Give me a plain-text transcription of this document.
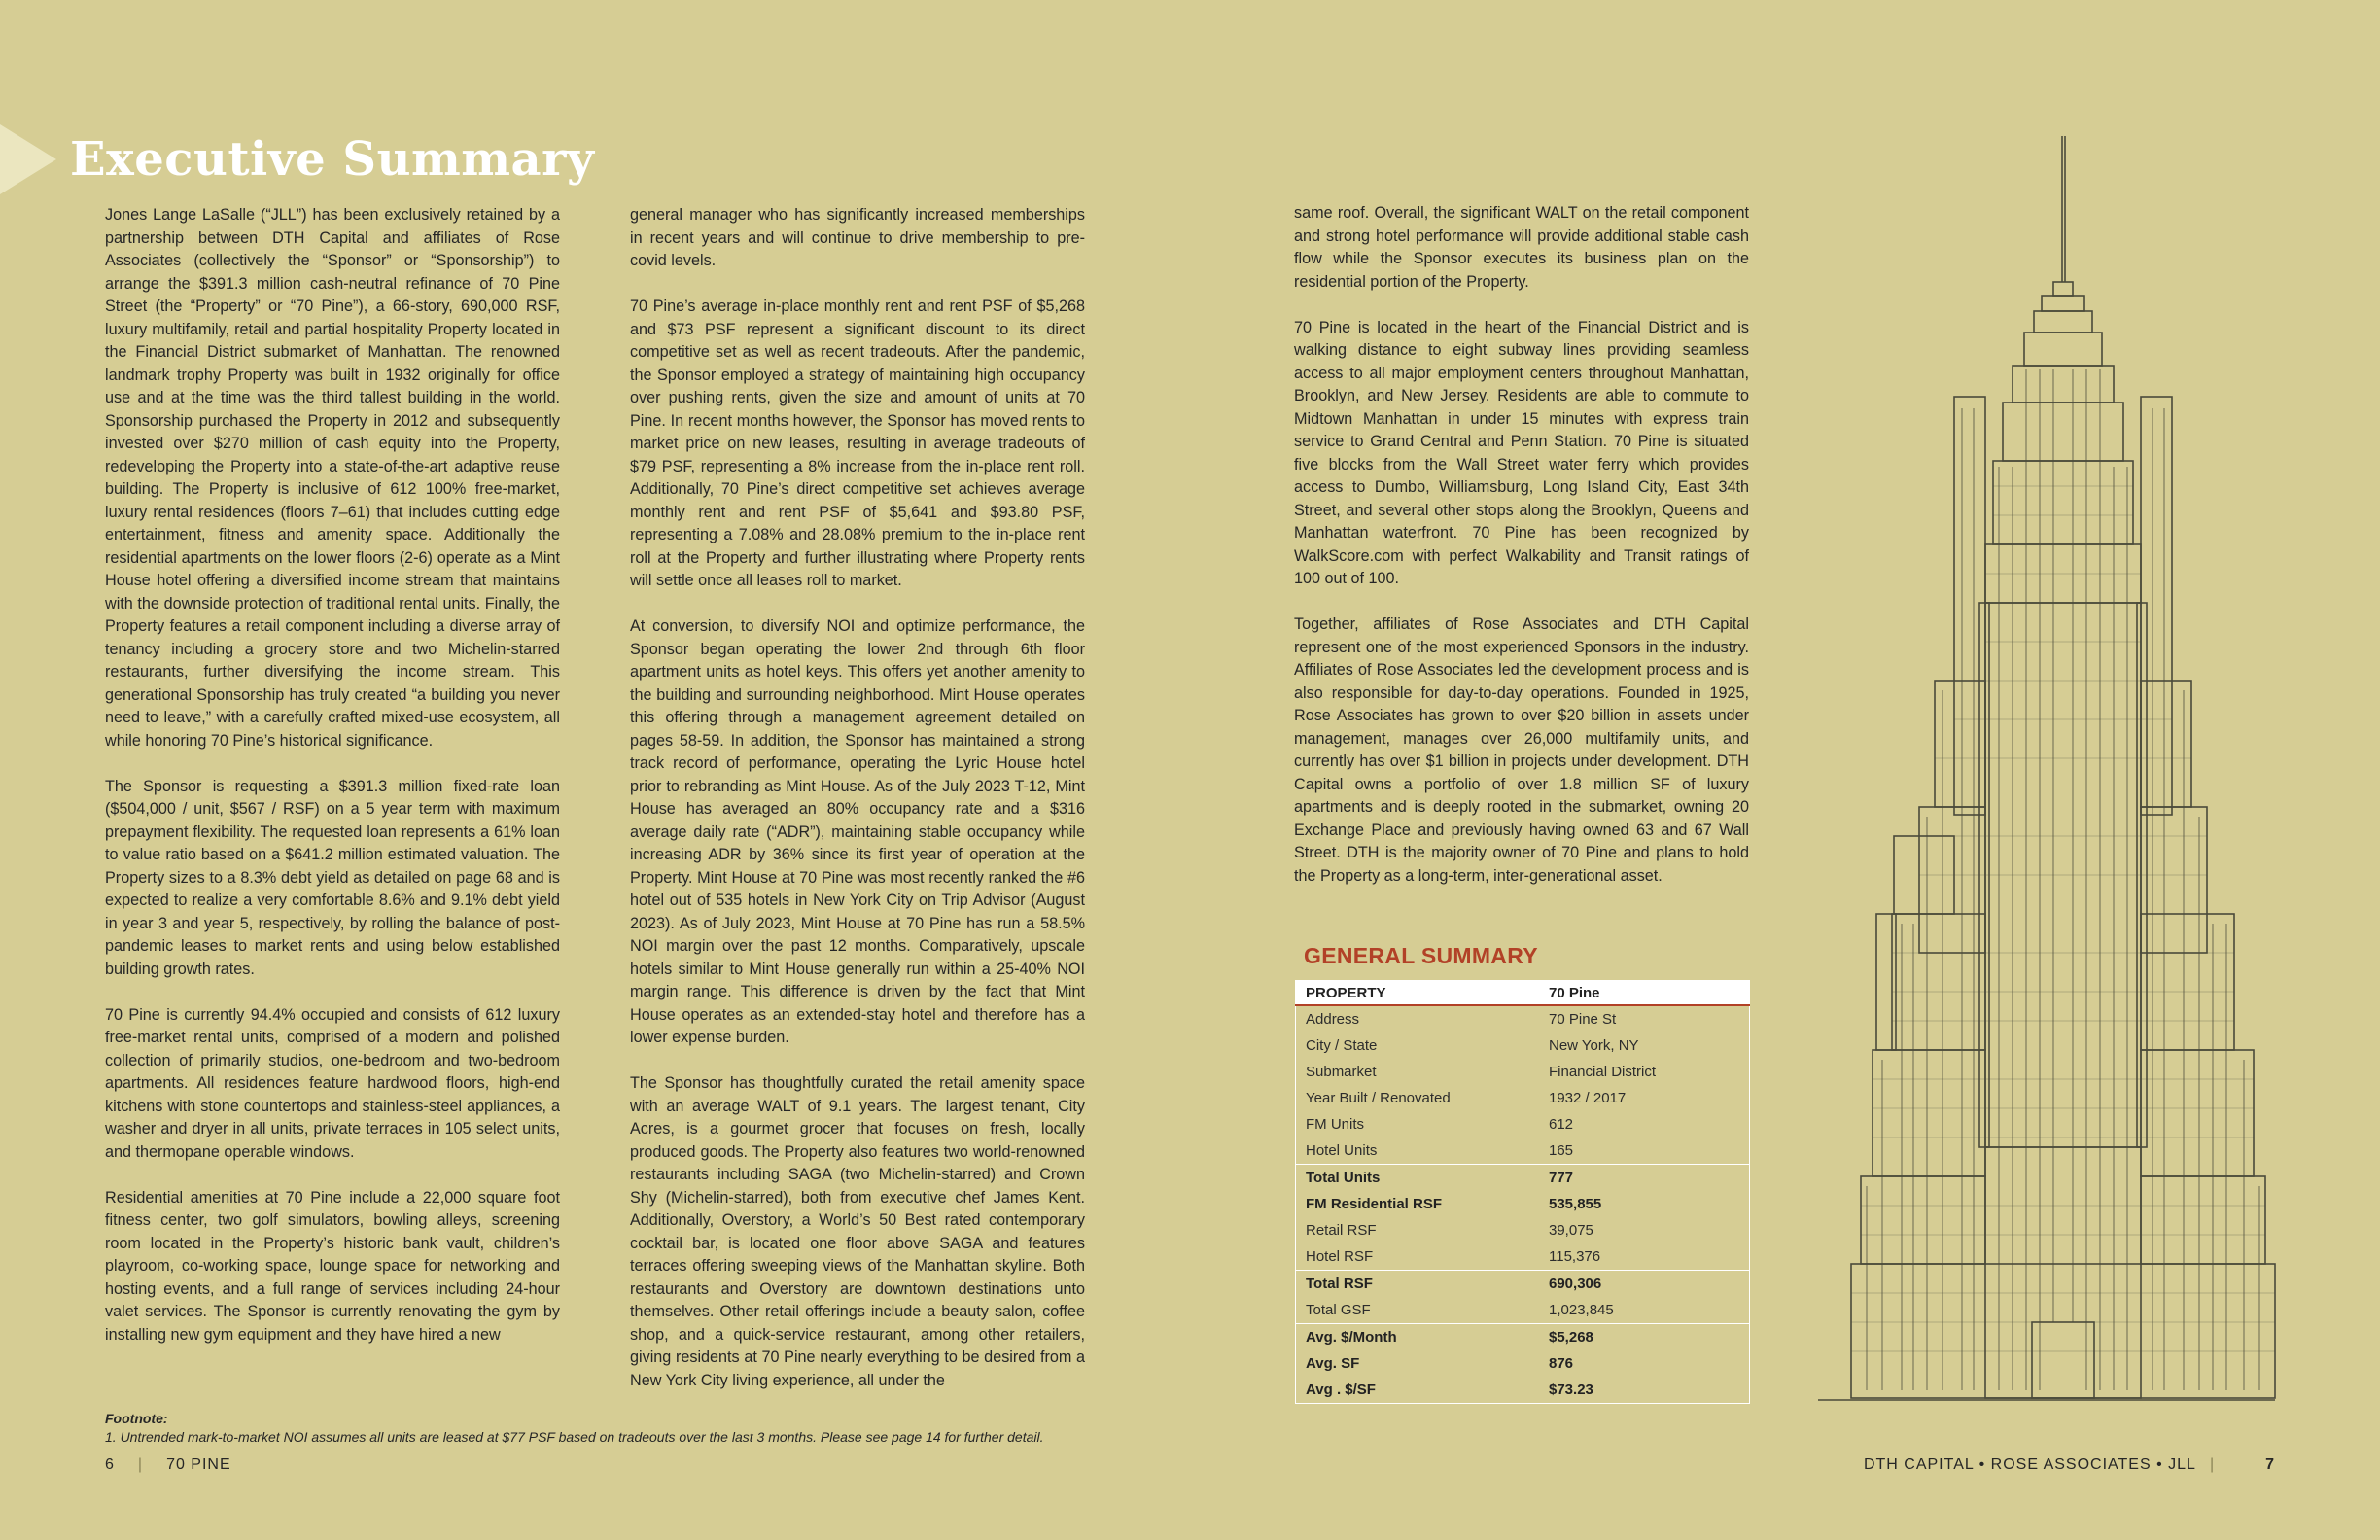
Executive Summary

Jones Lange LaSalle (“JLL”) has been exclusively retained by a partnership between DTH Capital and affiliates of Rose Associates (collectively the “Sponsor” or “Sponsorship”) to arrange the $391.3 million cash-neutral refinance of 70 Pine Street (the “Property” or “70 Pine”), a 66-story, 690,000 RSF, luxury multifamily, retail and partial hospitality Property located in the Financial District submarket of Manhattan. The renowned landmark trophy Property was built in 1932 originally for office use and at the time was the third tallest building in the world. Sponsorship purchased the Property in 2012 and subsequently invested over $270 million of cash equity into the Property, redeveloping the Property into a state-of-the-art adaptive reuse building. The Property is inclusive of 612 100% free-market, luxury rental residences (floors 7–61) that includes cutting edge entertainment, fitness and amenity space. Additionally the residential apartments on the lower floors (2-6) operate as a Mint House hotel offering a diversified income stream that maintains with the downside protection of traditional rental units. Finally, the Property features a retail component including a diverse array of tenancy including a grocery store and two Michelin-starred restaurants, further diversifying the income stream. This generational Sponsorship has truly created “a building you never need to leave,” with a carefully crafted mixed-use ecosystem, all while honoring 70 Pine’s historical significance.

The Sponsor is requesting a $391.3 million fixed-rate loan ($504,000 / unit, $567 / RSF) on a 5 year term with maximum prepayment flexibility. The requested loan represents a 61% loan to value ratio based on a $641.2 million estimated valuation. The Property sizes to a 8.3% debt yield as detailed on page 68 and is expected to realize a very comfortable 8.6% and 9.1% debt yield in year 3 and year 5, respectively, by rolling the balance of post-pandemic leases to market rents and using below established building growth rates.

70 Pine is currently 94.4% occupied and consists of 612 luxury free-market rental units, comprised of a modern and polished collection of primarily studios, one-bedroom and two-bedroom apartments. All residences feature hardwood floors, high-end kitchens with stone countertops and stainless-steel appliances, a washer and dryer in all units, private terraces in 105 select units, and thermopane operable windows.

Residential amenities at 70 Pine include a 22,000 square foot fitness center, two golf simulators, bowling alleys, screening room located in the Property’s historic bank vault, children’s playroom, co-working space, lounge space for networking and hosting events, and a full range of services including 24-hour valet services. The Sponsor is currently renovating the gym by installing new gym equipment and they have hired a new

general manager who has significantly increased memberships in recent years and will continue to drive membership to pre-covid levels.

70 Pine’s average in-place monthly rent and rent PSF of $5,268 and $73 PSF represent a significant discount to its direct competitive set as well as recent tradeouts. After the pandemic, the Sponsor employed a strategy of maintaining high occupancy over pushing rents, given the size and amount of units at 70 Pine. In recent months however, the Sponsor has moved rents to market price on new leases, resulting in average tradeouts of $79 PSF, representing a 8% increase from the in-place rent roll. Additionally, 70 Pine’s direct competitive set achieves average monthly rent and rent PSF of $5,641 and $93.80 PSF, representing a 7.08% and 28.08% premium to the in-place rent roll at the Property and further illustrating where Property rents will settle once all leases roll to market.

At conversion, to diversify NOI and optimize performance, the Sponsor began operating the lower 2nd through 6th floor apartment units as hotel keys. This offers yet another amenity to the building and surrounding neighborhood. Mint House operates this offering through a management agreement detailed on pages 58-59. In addition, the Sponsor has maintained a strong track record of performance, operating the Lyric House hotel prior to rebranding as Mint House. As of the July 2023 T-12, Mint House has averaged an 80% occupancy rate and a $316 average daily rate (“ADR”), maintaining stable occupancy while increasing ADR by 36% since its first year of operation at the Property. Mint House at 70 Pine was most recently ranked the #6 hotel out of 535 hotels in New York City on Trip Advisor (August 2023). As of July 2023, Mint House at 70 Pine has run a 58.5% NOI margin over the past 12 months. Comparatively, upscale hotels similar to Mint House generally run within a 25-40% NOI margin range. This difference is driven by the fact that Mint House operates as an extended-stay hotel and therefore has a lower expense burden.

The Sponsor has thoughtfully curated the retail amenity space with an average WALT of 9.1 years. The largest tenant, City Acres, is a gourmet grocer that focuses on fresh, locally produced goods. The Property also features two world-renowned restaurants including SAGA (two Michelin-starred) and Crown Shy (Michelin-starred), both from executive chef James Kent. Additionally, Overstory, a World’s 50 Best rated contemporary cocktail bar, is located one floor above SAGA and features terraces offering sweeping views of the Manhattan skyline. Both restaurants and Overstory are downtown destinations unto themselves. Other retail offerings include a beauty salon, coffee shop, and a quick-service restaurant, among other retailers, giving residents at 70 Pine nearly everything to be desired from a New York City living experience, all under the

same roof. Overall, the significant WALT on the retail component and strong hotel performance will provide additional stable cash flow while the Sponsor executes its business plan on the residential portion of the Property.

70 Pine is located in the heart of the Financial District and is walking distance to eight subway lines providing seamless access to all major employment centers throughout Manhattan, Brooklyn, and New Jersey. Residents are able to commute to Midtown Manhattan in under 15 minutes with express train service to Grand Central and Penn Station. 70 Pine is situated five blocks from the Wall Street water ferry which provides access to Dumbo, Williamsburg, Long Island City, East 34th Street, and several other stops along the Brooklyn, Queens and Manhattan waterfront. 70 Pine has been recognized by WalkScore.com with perfect Walkability and Transit ratings of 100 out of 100.

Together, affiliates of Rose Associates and DTH Capital represent one of the most experienced Sponsors in the industry. Affiliates of Rose Associates led the development process and is also responsible for day-to-day operations. Founded in 1925, Rose Associates has grown to over $20 billion in assets under management, manages over 26,000 multifamily units, and currently has over $1 billion in projects under development. DTH Capital owns a portfolio of over 1.8 million SF of luxury apartments and is deeply rooted in the submarket, owning 20 Exchange Place and previously having owned 63 and 67 Wall Street. DTH is the majority owner of 70 Pine and plans to hold the Property as a long-term, inter-generational asset.

GENERAL SUMMARY
PROPERTY	70 Pine
Address	70 Pine St
City / State	New York, NY
Submarket	Financial District
Year Built / Renovated	1932 / 2017
FM Units	612
Hotel Units	165
Total Units	777
FM Residential RSF	535,855
Retail RSF	39,075
Hotel RSF	115,376
Total RSF	690,306
Total GSF	1,023,845
Avg. $/Month	$5,268
Avg. SF	876
Avg . $/SF	$73.23
Footnote:
1. Untrended mark-to-market NOI assumes all units are leased at $77 PSF based on tradeouts over the last 3 months. Please see page 14 for further detail.
6 | 70 PINE	DTH CAPITAL • ROSE ASSOCIATES • JLL |	7
